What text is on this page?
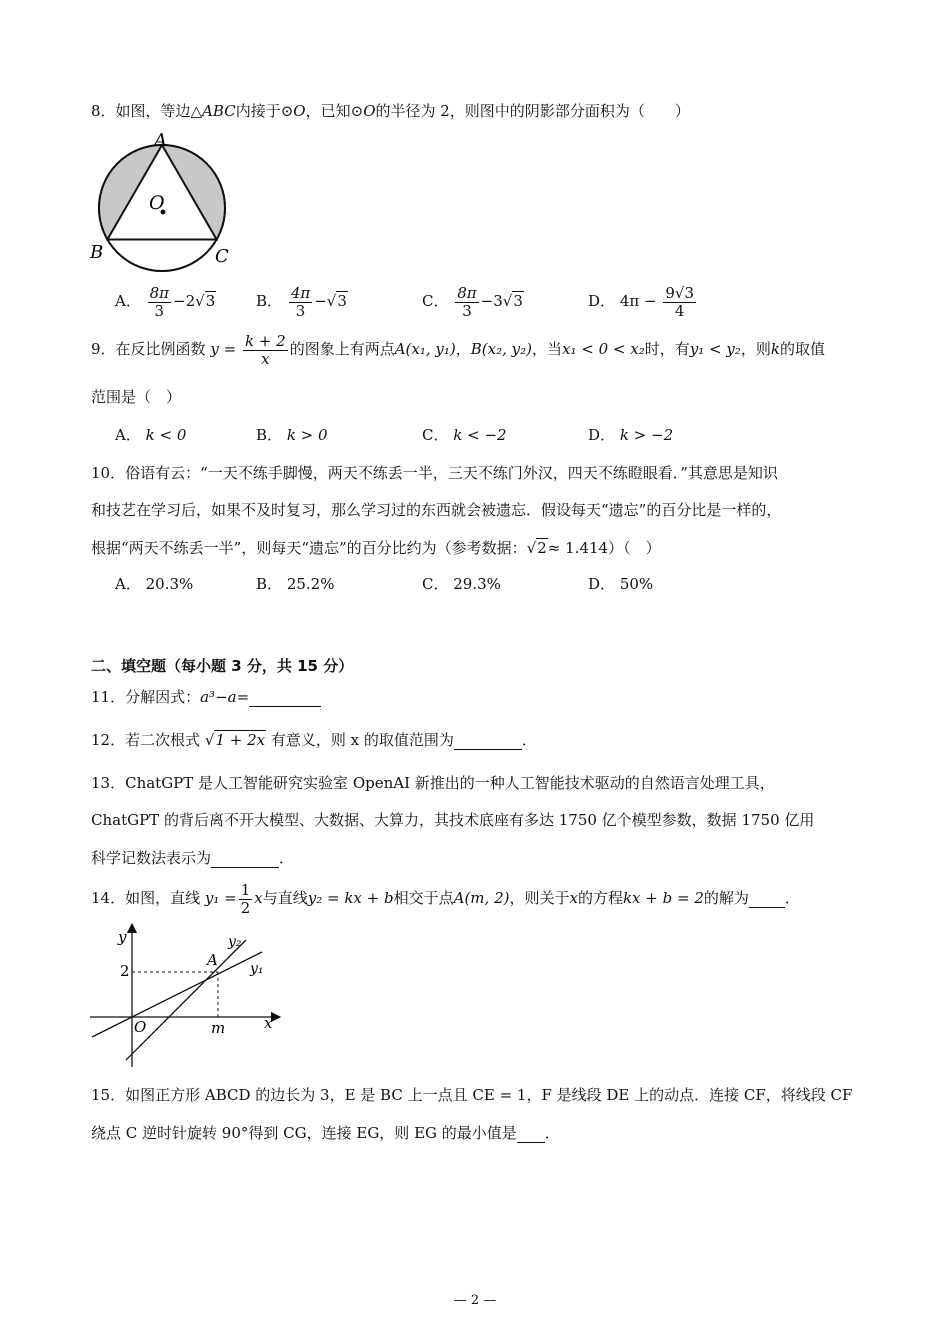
8．如图，等边△ABC内接于⊙O，已知⊙O的半径为 2，则图中的阴影部分面积为（　　）
A
O
B	C
A． $\frac{8\pi}{3} -2√3$	B． $\frac{4\pi}{3} -√3$	C． $\frac{8\pi}{3} -3√3$	D． $4\pi - \frac{9√3}{4}$
9．在反比例函数 $y = \frac{k + 2}{x}$ 的图象上有两点A(x₁, y₁)，B(x₂, y₂)，当x₁ < 0 < x₂时，有y₁ < y₂，则k的取值
范围是（　）
A． k < 0	B． k > 0	C． k < −2	D． k > −2
10．俗语有云：“一天不练手脚慢，两天不练丢一半，三天不练门外汉，四天不练瞪眼看．”其意思是知识
和技艺在学习后，如果不及时复习，那么学习过的东西就会被遗忘．假设每天“遗忘”的百分比是一样的，
根据“两天不练丢一半”，则每天“遗忘”的百分比约为（参考数据：√2≈ 1.414）（　）
A． 20.3%	B． 25.2%	C． 29.3%	D． 50%
二、填空题（每小题 3 分，共 15 分）
11．分解因式：a³−a=
12．若二次根式 √1 + 2x 有意义，则 x 的取值范围为	．
13．ChatGPT 是人工智能研究实验室 OpenAI 新推出的一种人工智能技术驱动的自然语言处理工具，
ChatGPT 的背后离不开大模型、大数据、大算力，其技术底座有多达 1750 亿个模型参数，数据 1750 亿用
科学记数法表示为	．
14．如图，直线 $y_1 = \frac{1}{2}$ x与直线y₂ = kx + b相交于点A(m, 2)，则关于x的方程kx + b = 2的解为 ．
y
x
O	m
2
A y₁
y₂
15．如图正方形 ABCD 的边长为 3，E 是 BC 上一点且 CE = 1，F 是线段 DE 上的动点．连接 CF，将线段 CF
绕点 C 逆时针旋转 90°得到 CG，连接 EG，则 EG 的最小值是 ．
— 2 —
